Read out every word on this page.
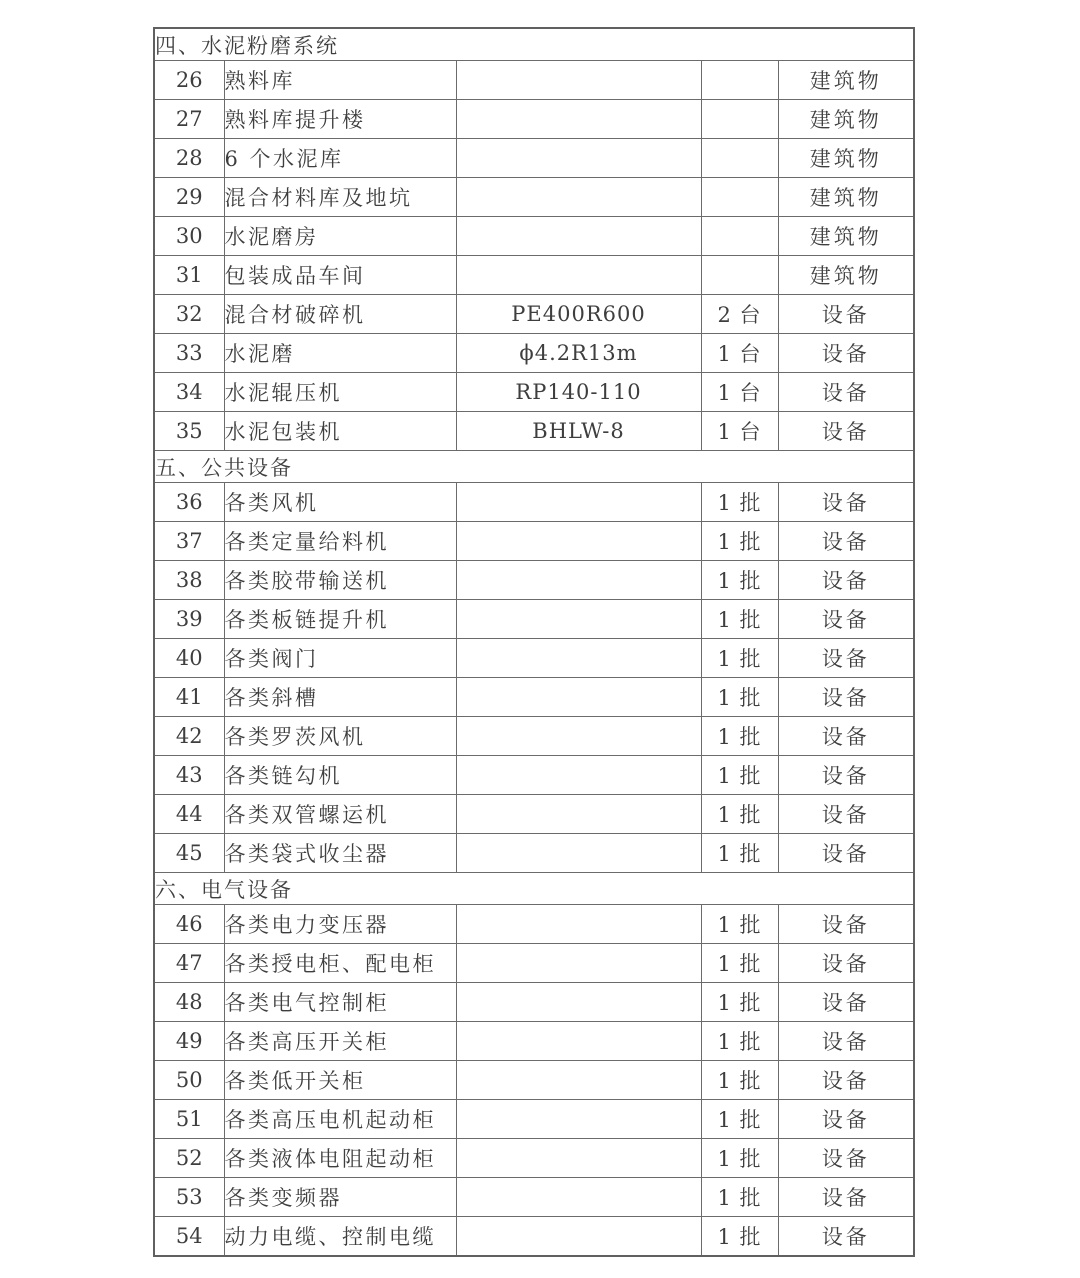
四、水泥粉磨系统				
26	熟料库			建筑物
27	熟料库提升楼			建筑物
28	6 个水泥库			建筑物
29	混合材料库及地坑			建筑物
30	水泥磨房			建筑物
31	包装成品车间			建筑物
32	混合材破碎机	PE400R600	2 台	设备
33	水泥磨	ϕ4.2R13m	1 台	设备
34	水泥辊压机	RP140-110	1 台	设备
35	水泥包装机	BHLW-8	1 台	设备
五、公共设备				
36	各类风机		1 批	设备
37	各类定量给料机		1 批	设备
38	各类胶带输送机		1 批	设备
39	各类板链提升机		1 批	设备
40	各类阀门		1 批	设备
41	各类斜槽		1 批	设备
42	各类罗茨风机		1 批	设备
43	各类链勾机		1 批	设备
44	各类双管螺运机		1 批	设备
45	各类袋式收尘器		1 批	设备
六、电气设备				
46	各类电力变压器		1 批	设备
47	各类授电柜、配电柜		1 批	设备
48	各类电气控制柜		1 批	设备
49	各类高压开关柜		1 批	设备
50	各类低开关柜		1 批	设备
51	各类高压电机起动柜		1 批	设备
52	各类液体电阻起动柜		1 批	设备
53	各类变频器		1 批	设备
54	动力电缆、控制电缆		1 批	设备
